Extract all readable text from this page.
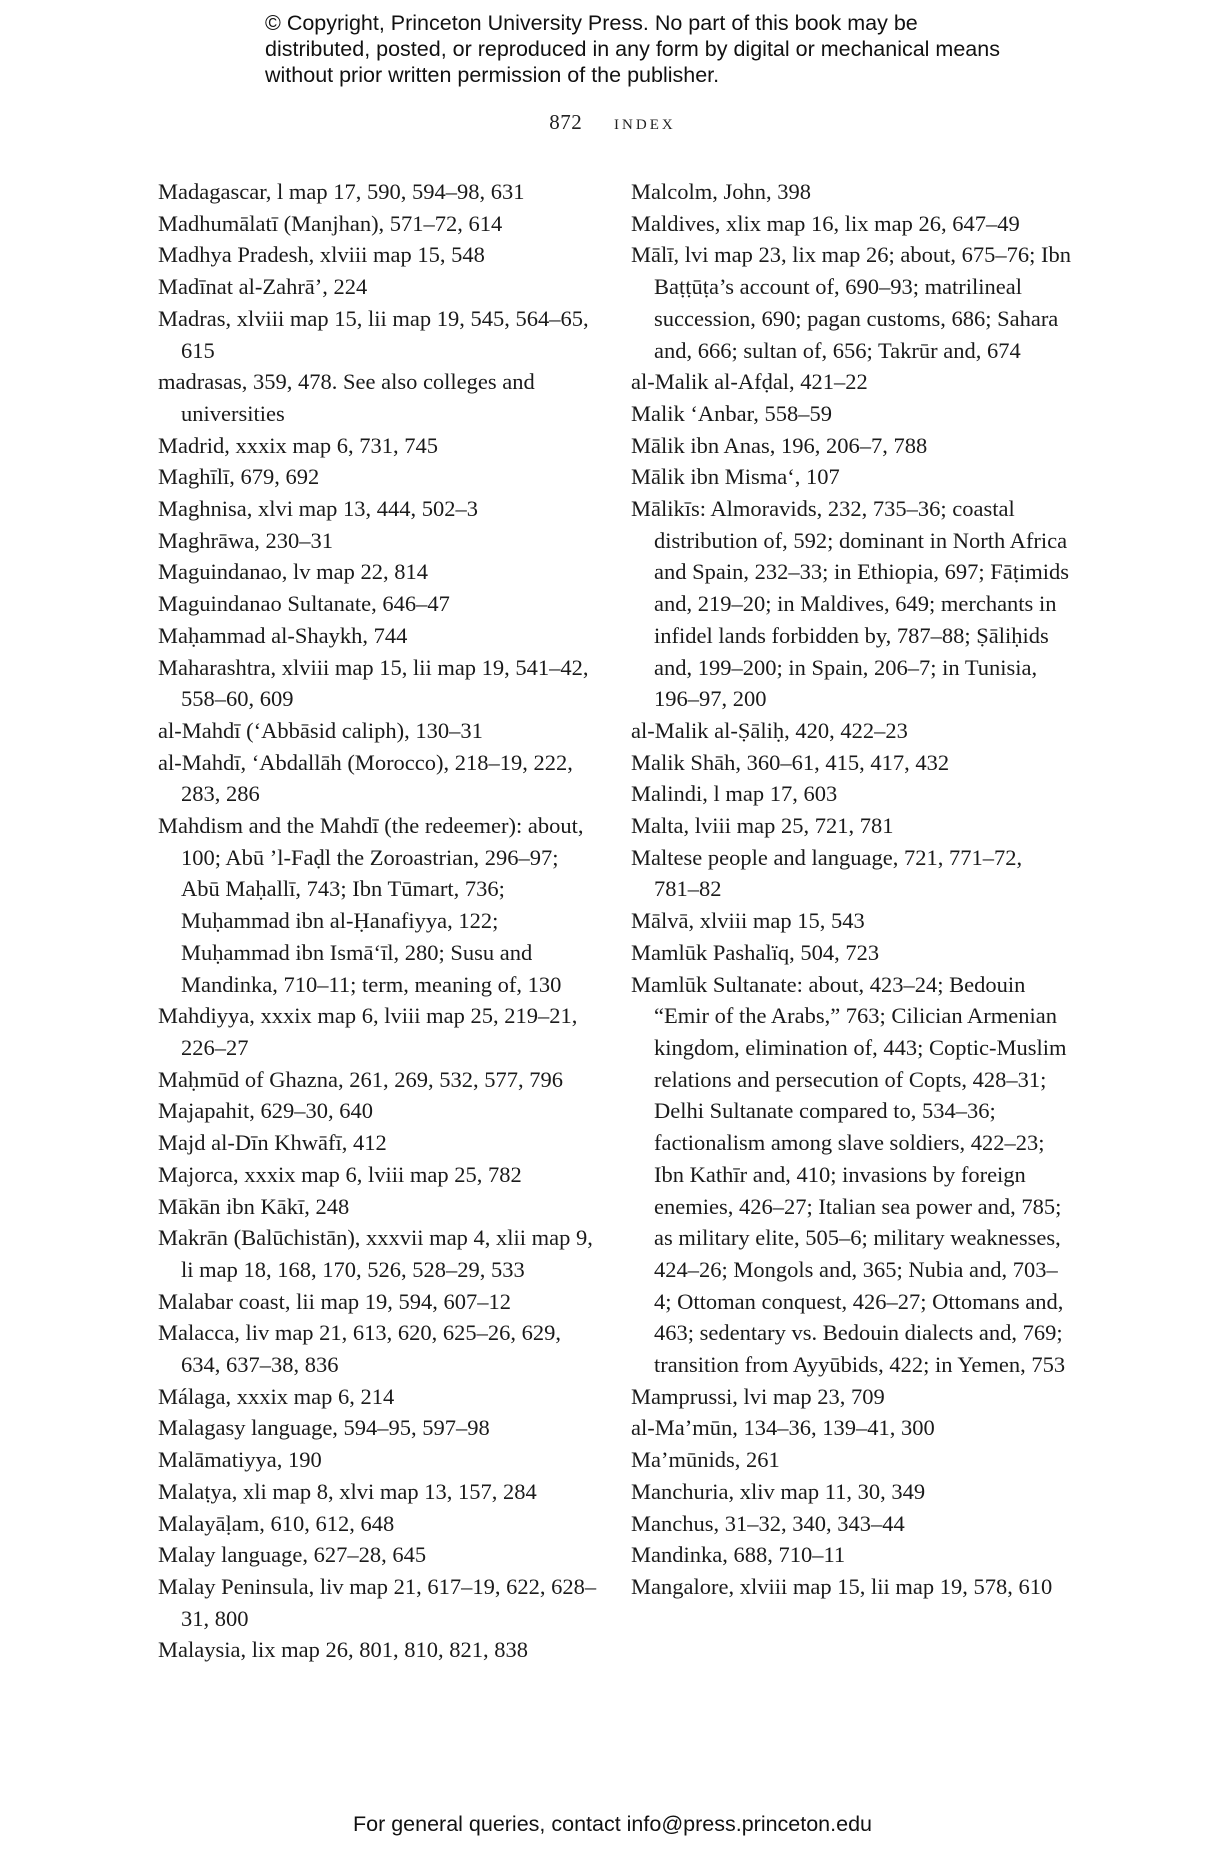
© Copyright, Princeton University Press. No part of this book may be distributed, posted, or reproduced in any form by digital or mechanical means without prior written permission of the publisher.
872 index

Madagascar, l map 17, 590, 594–98, 631

Madhumālatī (Manjhan), 571–72, 614

Madhya Pradesh, xlviii map 15, 548

Madīnat al-Zahrā’, 224

Madras, xlviii map 15, lii map 19, 545, 564–65, 615

madrasas, 359, 478. See also colleges and universities

Madrid, xxxix map 6, 731, 745

Maghīlī, 679, 692

Maghnisa, xlvi map 13, 444, 502–3

Maghrāwa, 230–31

Maguindanao, lv map 22, 814

Maguindanao Sultanate, 646–47

Maḥammad al-Shaykh, 744

Maharashtra, xlviii map 15, lii map 19, 541–42, 558–60, 609

al-Mahdī (‘Abbāsid caliph), 130–31

al-Mahdī, ‘Abdallāh (Morocco), 218–19, 222, 283, 286

Mahdism and the Mahdī (the redeemer): about, 100; Abū ’l-Faḍl the Zoroastrian, 296–97; Abū Maḥallī, 743; Ibn Tūmart, 736; Muḥammad ibn al-Ḥanafiyya, 122; Muḥammad ibn Ismā‘īl, 280; Susu and Mandinka, 710–11; term, meaning of, 130

Mahdiyya, xxxix map 6, lviii map 25, 219–21, 226–27

Maḥmūd of Ghazna, 261, 269, 532, 577, 796

Majapahit, 629–30, 640

Majd al-Dīn Khwāfī, 412

Majorca, xxxix map 6, lviii map 25, 782

Mākān ibn Kākī, 248

Makrān (Balūchistān), xxxvii map 4, xlii map 9, li map 18, 168, 170, 526, 528–29, 533

Malabar coast, lii map 19, 594, 607–12

Malacca, liv map 21, 613, 620, 625–26, 629, 634, 637–38, 836

Málaga, xxxix map 6, 214

Malagasy language, 594–95, 597–98

Malāmatiyya, 190

Malaṭya, xli map 8, xlvi map 13, 157, 284

Malayāḷam, 610, 612, 648

Malay language, 627–28, 645

Malay Peninsula, liv map 21, 617–19, 622, 628–31, 800

Malaysia, lix map 26, 801, 810, 821, 838

Malcolm, John, 398

Maldives, xlix map 16, lix map 26, 647–49

Mālī, lvi map 23, lix map 26; about, 675–76; Ibn Baṭṭūṭa’s account of, 690–93; matrilineal succession, 690; pagan customs, 686; Sahara and, 666; sultan of, 656; Takrūr and, 674

al-Malik al-Afḍal, 421–22

Malik ‘Anbar, 558–59

Mālik ibn Anas, 196, 206–7, 788

Mālik ibn Misma‘, 107

Mālikīs: Almoravids, 232, 735–36; coastal distribution of, 592; dominant in North Africa and Spain, 232–33; in Ethiopia, 697; Fāṭimids and, 219–20; in Maldives, 649; merchants in infidel lands forbidden by, 787–88; Ṣāliḥids and, 199–200; in Spain, 206–7; in Tunisia, 196–97, 200

al-Malik al-Ṣāliḥ, 420, 422–23

Malik Shāh, 360–61, 415, 417, 432

Malindi, l map 17, 603

Malta, lviii map 25, 721, 781

Maltese people and language, 721, 771–72, 781–82

Mālvā, xlviii map 15, 543

Mamlūk Pashalïq, 504, 723

Mamlūk Sultanate: about, 423–24; Bedouin “Emir of the Arabs,” 763; Cilician Armenian kingdom, elimination of, 443; Coptic-Muslim relations and persecution of Copts, 428–31; Delhi Sultanate compared to, 534–36; factionalism among slave soldiers, 422–23; Ibn Kathīr and, 410; invasions by foreign enemies, 426–27; Italian sea power and, 785; as military elite, 505–6; military weaknesses, 424–26; Mongols and, 365; Nubia and, 703–4; Ottoman conquest, 426–27; Ottomans and, 463; sedentary vs. Bedouin dialects and, 769; transition from Ayyūbids, 422; in Yemen, 753

Mamprussi, lvi map 23, 709

al-Ma’mūn, 134–36, 139–41, 300

Ma’mūnids, 261

Manchuria, xliv map 11, 30, 349

Manchus, 31–32, 340, 343–44

Mandinka, 688, 710–11

Mangalore, xlviii map 15, lii map 19, 578, 610

For general queries, contact info@press.princeton.edu
